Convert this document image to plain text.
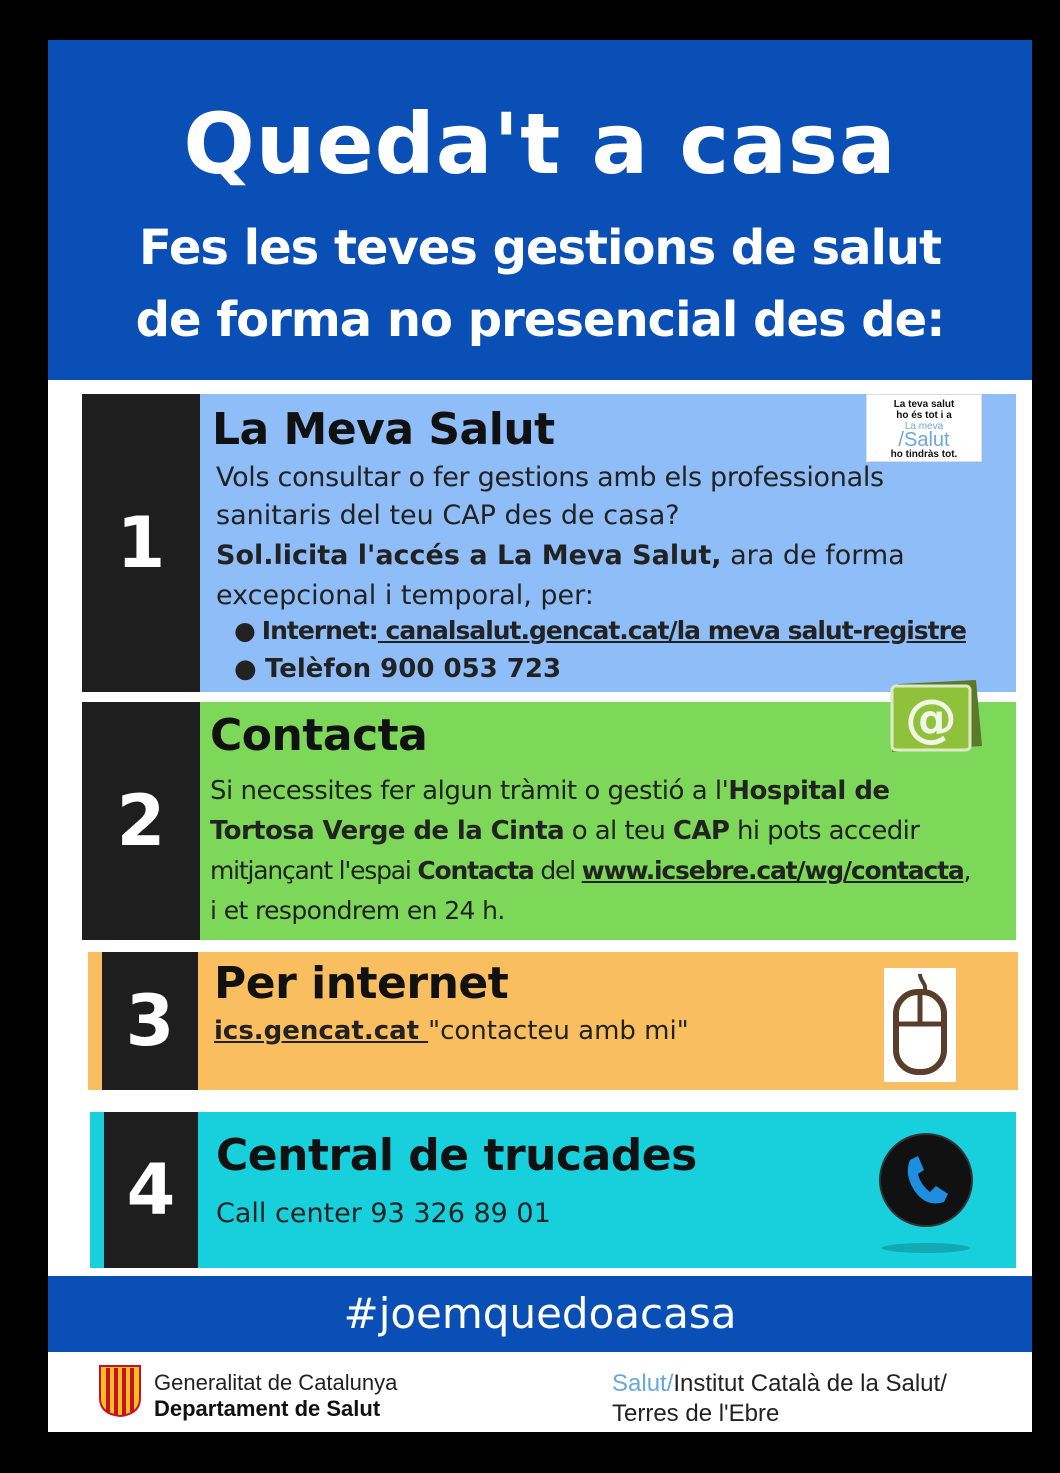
Queda't a casa
Fes les teves gestions de salut
de forma no presencial des de:
1
La Meva Salut
Vols consultar o fer gestions amb els professionals
sanitaris del teu CAP des de casa?
Sol.licita l'accés a La Meva Salut, ara de forma
excepcional i temporal, per:
● Internet: canalsalut.gencat.cat/la meva salut-registre
● Telèfon 900 053 723
La teva salut
ho és tot i a
La meva
/Salut
ho tindràs tot.
2
Contacta
Si necessites fer algun tràmit o gestió a l'Hospital de
Tortosa Verge de la Cinta o al teu CAP hi pots accedir
mitjançant l'espai Contacta del www.icsebre.cat/wg/contacta,
i et respondrem en 24 h.
@
3 Per internet
ics.gencat.cat "contacteu amb mi"
4 Central de trucades
Call center 93 326 89 01
#joemquedoacasa
Generalitat de Catalunya
Departament de Salut
Salut/Institut Català de la Salut/
Terres de l'Ebre
